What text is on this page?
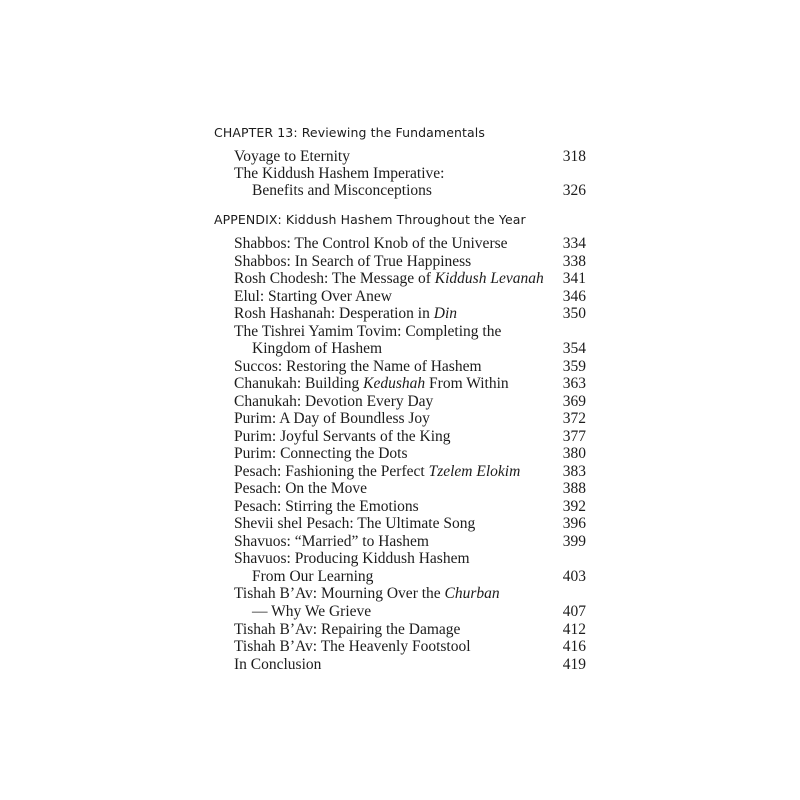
CHAPTER 13: Reviewing the Fundamentals
Voyage to Eternity	318
The Kiddush Hashem Imperative:
Benefits and Misconceptions	326
APPENDIX: Kiddush Hashem Throughout the Year
Shabbos: The Control Knob of the Universe	334
Shabbos: In Search of True Happiness	338
Rosh Chodesh: The Message of Kiddush Levanah 341
Elul: Starting Over Anew	346
Rosh Hashanah: Desperation in Din	350
The Tishrei Yamim Tovim: Completing the
Kingdom of Hashem	354
Succos: Restoring the Name of Hashem	359
Chanukah: Building Kedushah From Within	363
Chanukah: Devotion Every Day	369
Purim: A Day of Boundless Joy	372
Purim: Joyful Servants of the King	377
Purim: Connecting the Dots	380
Pesach: Fashioning the Perfect Tzelem Elokim	383
Pesach: On the Move	388
Pesach: Stirring the Emotions	392
Shevii shel Pesach: The Ultimate Song	396
Shavuos: “Married” to Hashem	399
Shavuos: Producing Kiddush Hashem
From Our Learning	403
Tishah B’Av: Mourning Over the Churban
— Why We Grieve	407
Tishah B’Av: Repairing the Damage	412
Tishah B’Av: The Heavenly Footstool	416
In Conclusion	419
